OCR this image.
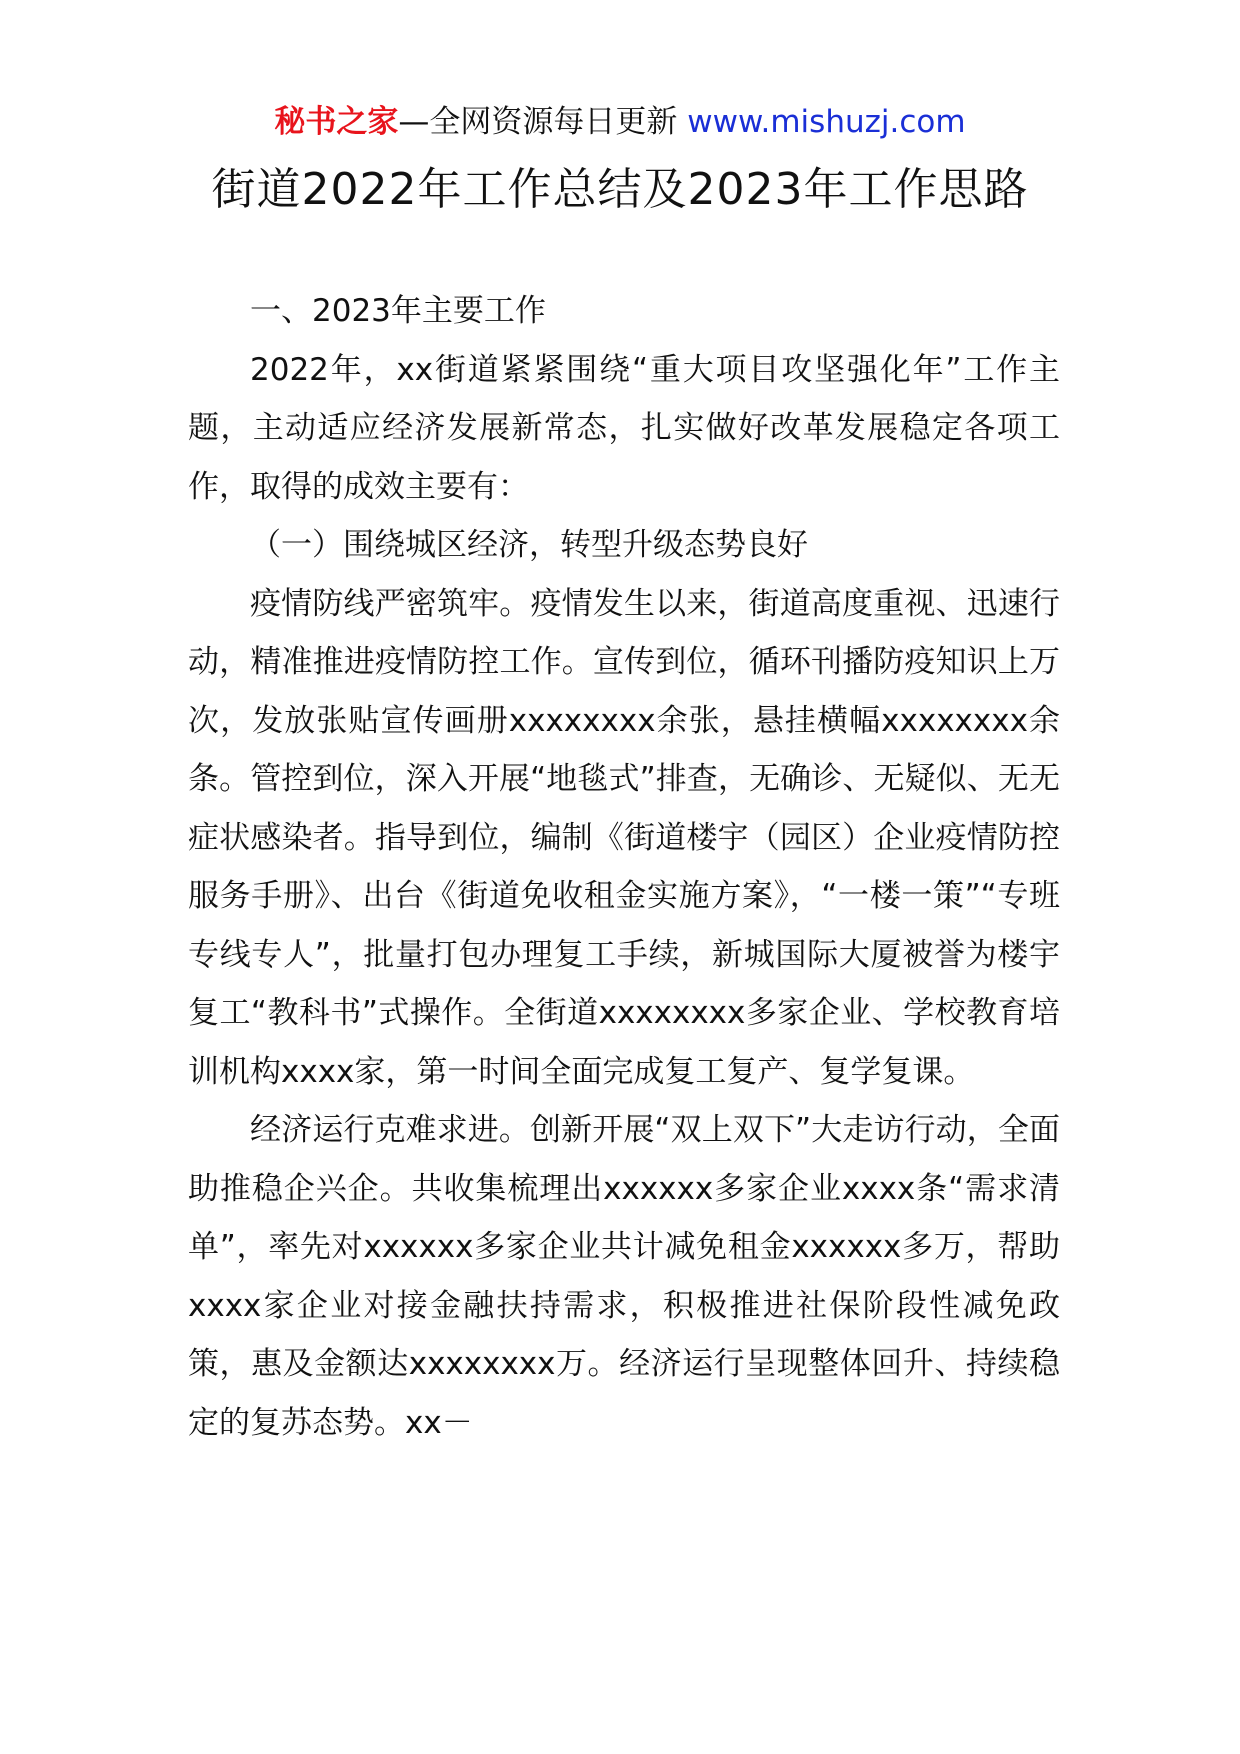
秘书之家—全网资源每日更新 www.mishuzj.com
街道2022年工作总结及2023年工作思路

一、2023年主要工作

2022年，xx街道紧紧围绕“重大项目攻坚强化年”工作主题，主动适应经济发展新常态，扎实做好改革发展稳定各项工作，取得的成效主要有：

（一）围绕城区经济，转型升级态势良好

疫情防线严密筑牢。疫情发生以来，街道高度重视、迅速行动，精准推进疫情防控工作。宣传到位，循环刊播防疫知识上万次，发放张贴宣传画册xxxxxxxx余张，悬挂横幅xxxxxxxx余条。管控到位，深入开展“地毯式”排查，无确诊、无疑似、无无症状感染者。指导到位，编制《街道楼宇（园区）企业疫情防控服务手册》、出台《街道免收租金实施方案》，“一楼一策”“专班专线专人”，批量打包办理复工手续，新城国际大厦被誉为楼宇复工“教科书”式操作。全街道xxxxxxxx多家企业、学校教育培训机构xxxx家，第一时间全面完成复工复产、复学复课。

经济运行克难求进。创新开展“双上双下”大走访行动，全面助推稳企兴企。共收集梳理出xxxxxx多家企业xxxx条“需求清单”，率先对xxxxxx多家企业共计减免租金xxxxxx多万，帮助xxxx家企业对接金融扶持需求，积极推进社保阶段性减免政策，惠及金额达xxxxxxxx万。经济运行呈现整体回升、持续稳定的复苏态势。xx－
